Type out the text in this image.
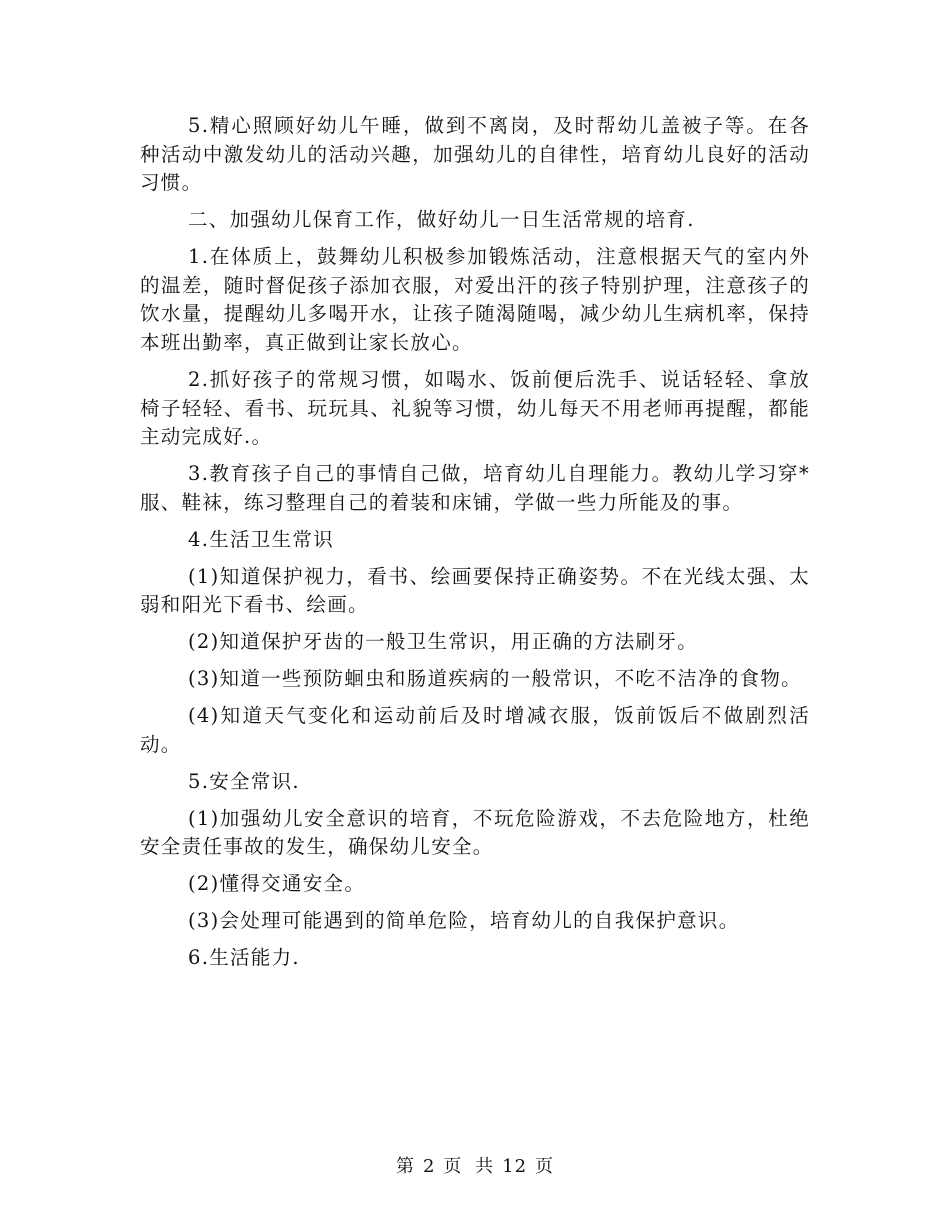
5.精心照顾好幼儿午睡，做到不离岗，及时帮幼儿盖被子等。在各种活动中激发幼儿的活动兴趣，加强幼儿的自律性，培育幼儿良好的活动习惯。

二、加强幼儿保育工作，做好幼儿一日生活常规的培育.

1.在体质上，鼓舞幼儿积极参加锻炼活动，注意根据天气的室内外的温差，随时督促孩子添加衣服，对爱出汗的孩子特别护理，注意孩子的饮水量，提醒幼儿多喝开水，让孩子随渴随喝，减少幼儿生病机率，保持本班出勤率，真正做到让家长放心。

2.抓好孩子的常规习惯，如喝水、饭前便后洗手、说话轻轻、拿放椅子轻轻、看书、玩玩具、礼貌等习惯，幼儿每天不用老师再提醒，都能主动完成好.。

3.教育孩子自己的事情自己做，培育幼儿自理能力。教幼儿学习穿*服、鞋袜，练习整理自己的着装和床铺，学做一些力所能及的事。

4.生活卫生常识

(1)知道保护视力，看书、绘画要保持正确姿势。不在光线太强、太弱和阳光下看书、绘画。

(2)知道保护牙齿的一般卫生常识，用正确的方法刷牙。

(3)知道一些预防蛔虫和肠道疾病的一般常识，不吃不洁净的食物。

(4)知道天气变化和运动前后及时增减衣服，饭前饭后不做剧烈活动。

5.安全常识.

(1)加强幼儿安全意识的培育，不玩危险游戏，不去危险地方，杜绝安全责任事故的发生，确保幼儿安全。

(2)懂得交通安全。

(3)会处理可能遇到的简单危险，培育幼儿的自我保护意识。

6.生活能力.

第 2 页 共 12 页
